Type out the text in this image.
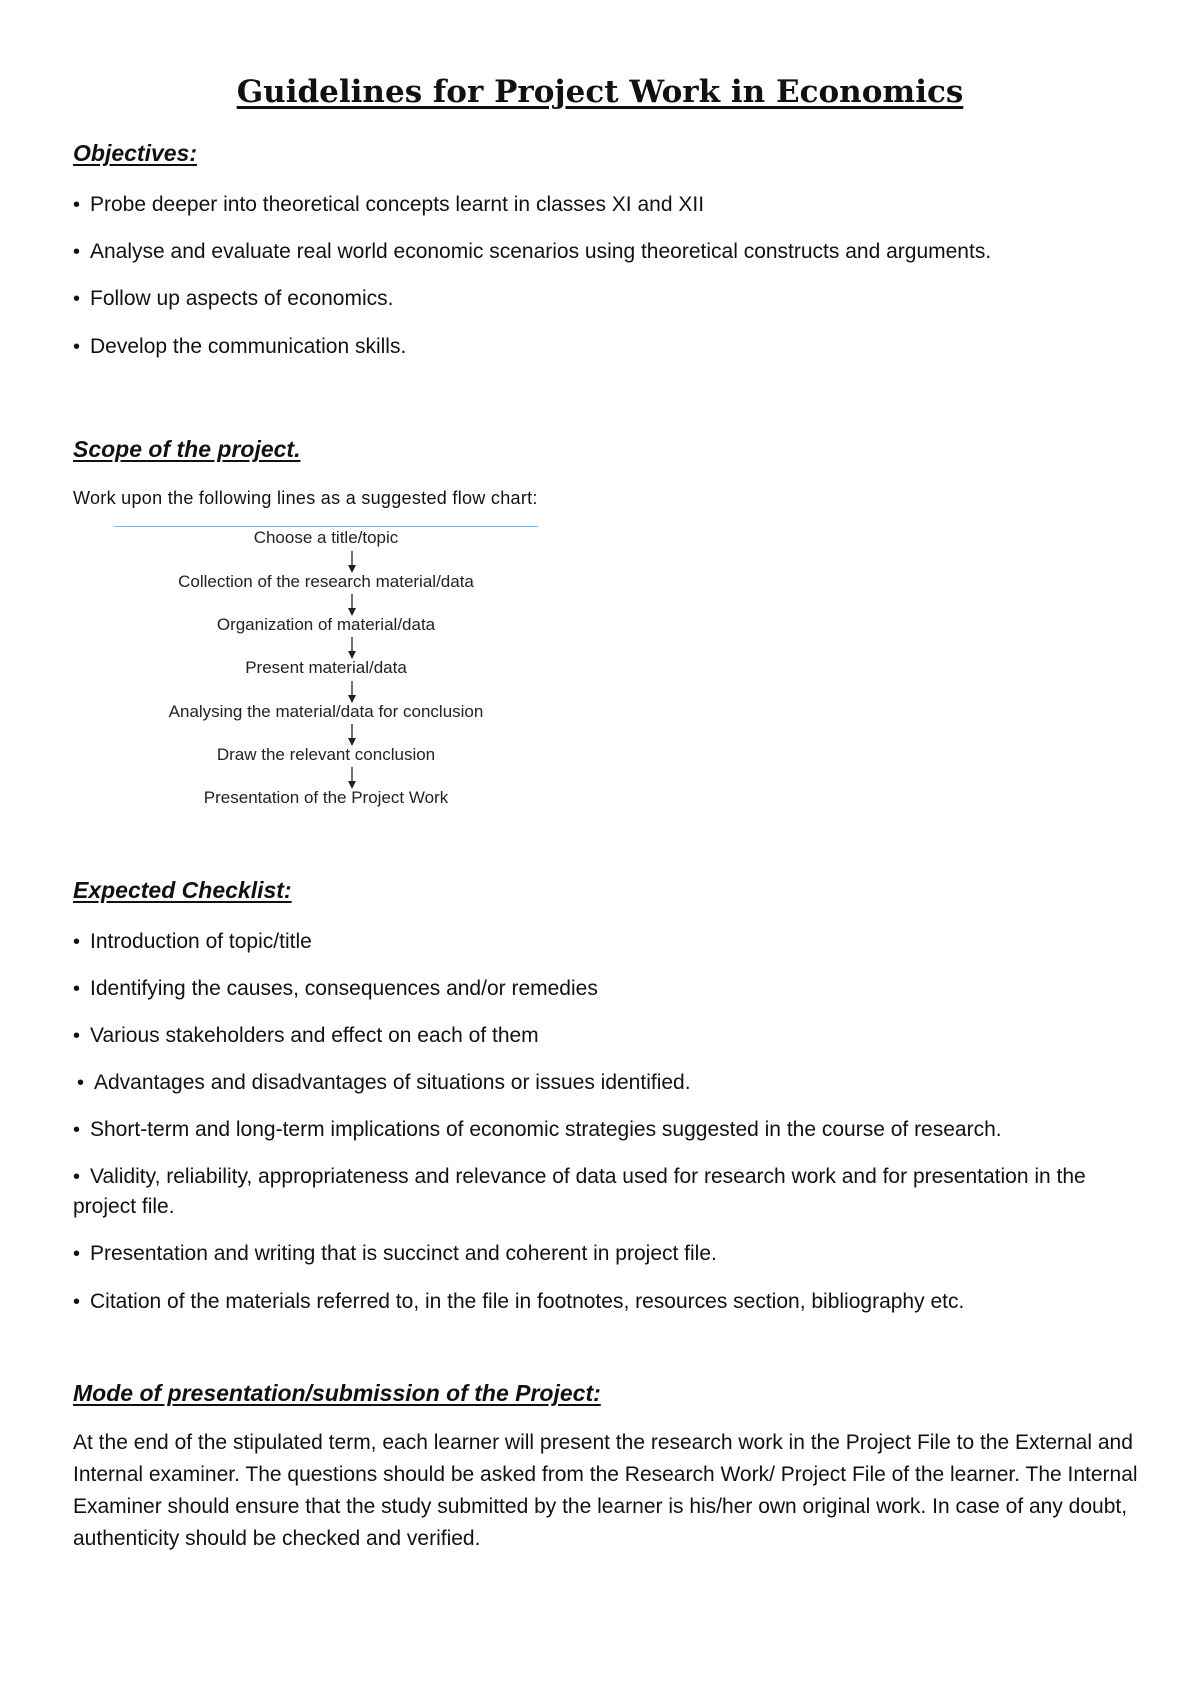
Guidelines for Project Work in Economics
Objectives:
• Probe deeper into theoretical concepts learnt in classes XI and XII
• Analyse and evaluate real world economic scenarios using theoretical constructs and arguments.
• Follow up aspects of economics.
• Develop the communication skills.
Scope of the project.
Work upon the following lines as a suggested flow chart:
Choose a title/topic
Collection of the research material/data
Organization of material/data
Present material/data
Analysing the material/data for conclusion
Draw the relevant conclusion
Presentation of the Project Work
Expected Checklist:
• Introduction of topic/title
• Identifying the causes, consequences and/or remedies
• Various stakeholders and effect on each of them
• Advantages and disadvantages of situations or issues identified.
• Short-term and long-term implications of economic strategies suggested in the course of research.
• Validity, reliability, appropriateness and relevance of data used for research work and for presentation in the project file.
• Presentation and writing that is succinct and coherent in project file.
• Citation of the materials referred to, in the file in footnotes, resources section, bibliography etc.
Mode of presentation/submission of the Project:
At the end of the stipulated term, each learner will present the research work in the Project File to the External and Internal examiner. The questions should be asked from the Research Work/ Project File of the learner. The Internal Examiner should ensure that the study submitted by the learner is his/her own original work. In case of any doubt, authenticity should be checked and verified.
